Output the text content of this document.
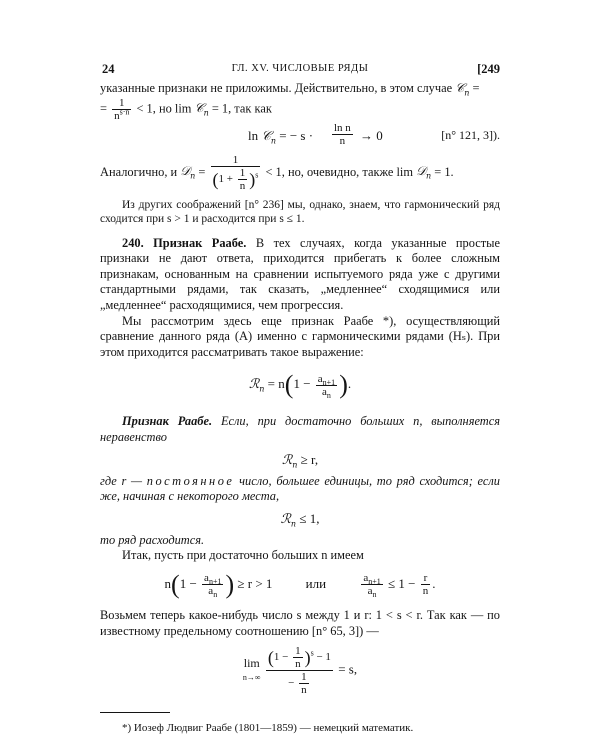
24	ГЛ. XV. ЧИСЛОВЫЕ РЯДЫ	[249

указанные признаки не приложимы. Действительно, в этом случае 𝒞$_n$ =

= $\frac{1}{n^{s\cdot n}} < 1$, но lim 𝒞$_n$ = 1, так как

ln 𝒞$_n$ = − $s \cdot \frac{\text{ln n}}{n} \to 0$	[n° 121, 3]).

Аналогично, и 𝒟$_n$ = $\frac{1}{(1 + \frac{1}{n} )^s} < 1$, но, очевидно, также lim 𝒟$_n$ = 1.

Из других соображений [n° 236] мы, однако, знаем, что гармонический ряд сходится при s > 1 и расходится при s ≤ 1.

240. Признак Раабе. В тех случаях, когда указанные простые признаки не дают ответа, приходится прибегать к более сложным признакам, основанным на сравнении испытуемого ряда уже с другими стандартными рядами, так сказать, „медленнее“ сходящимися или „медленнее“ расходящимися, чем прогрессия.

Мы рассмотрим здесь еще признак Раабе *), осуществляющий сравнение данного ряда (A) именно с гармоническими рядами (Hₛ). При этом приходится рассматривать такое выражение:

ℛ$_n$ = $n(1 - \frac{a_{n+1}}{a_n}$ ).

Признак Раабе. Если, при достаточно больших n, выполняется неравенство

ℛ$_n$ ≥ r,

где r — постоянное число, большее единицы, то ряд сходится; если же, начиная с некоторого места,

ℛ$_n$ ≤ 1,

то ряд расходится.

Итак, пусть при достаточно больших n имеем

$n(1 - \frac{a_{n+1}}{a_n}$ ) ≥ r > 1 или	$\frac{a_{n+1}}{a_n} \le 1 - \frac{r}{n}$ .

Возьмем теперь какое-нибудь число s между 1 и r: 1 < s < r. Так как — по известному предельному соотношению [n° 65, 3]) —

lim
$n\to\infty \frac{(1 - \frac{1}{n} )^s - 1}{- \frac{1}{n}} = s$,

*) Иозеф Людвиг Раабе (1801—1859) — немецкий математик.
